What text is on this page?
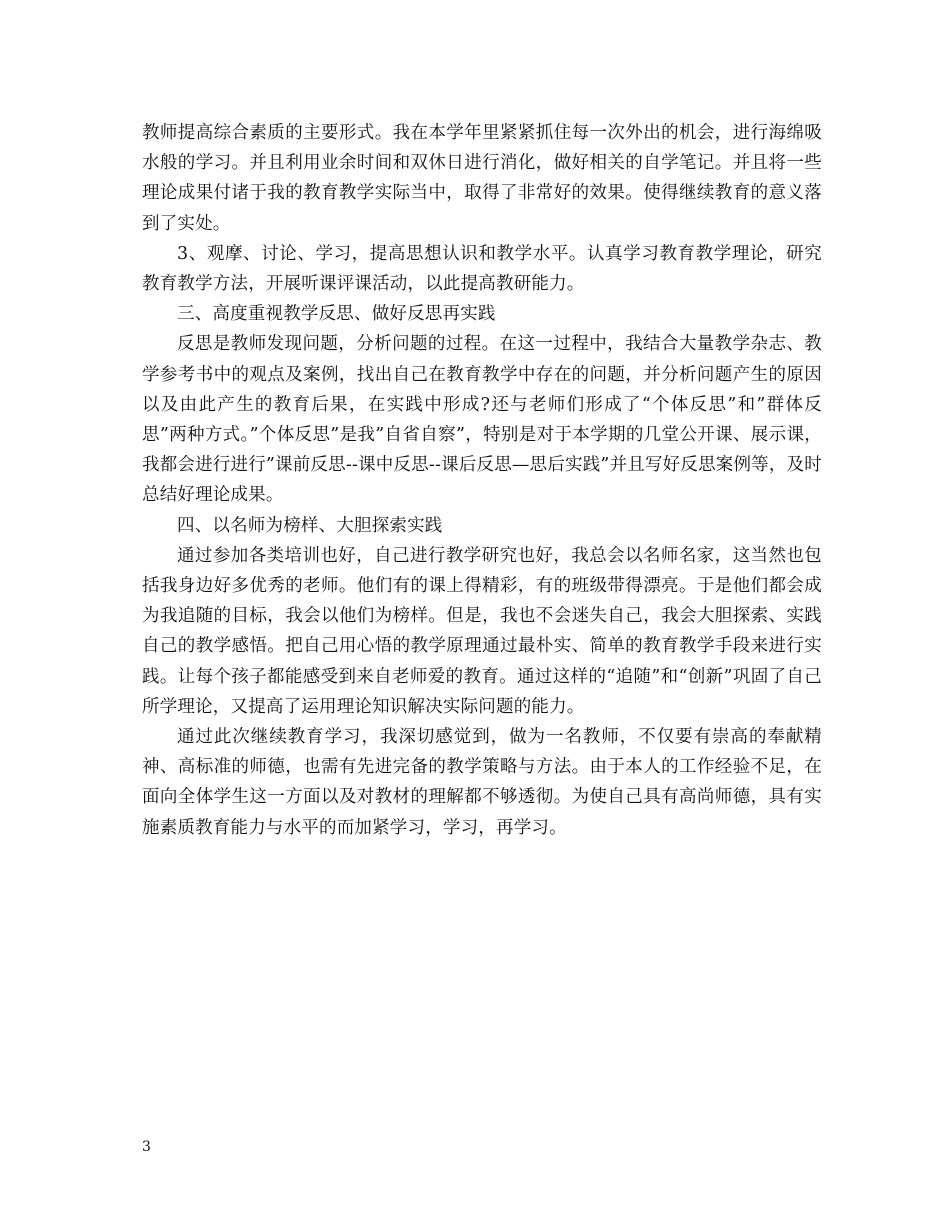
教师提高综合素质的主要形式。我在本学年里紧紧抓住每一次外出的机会，进行海绵吸水般的学习。并且利用业余时间和双休日进行消化，做好相关的自学笔记。并且将一些理论成果付诸于我的教育教学实际当中，取得了非常好的效果。使得继续教育的意义落到了实处。

3、观摩、讨论、学习，提高思想认识和教学水平。认真学习教育教学理论，研究教育教学方法，开展听课评课活动，以此提高教研能力。

三、高度重视教学反思、做好反思再实践

反思是教师发现问题，分析问题的过程。在这一过程中，我结合大量教学杂志、教学参考书中的观点及案例，找出自己在教育教学中存在的问题，并分析问题产生的原因以及由此产生的教育后果，在实践中形成?还与老师们形成了“个体反思”和”群体反思”两种方式。”个体反思”是我”自省自察”，特别是对于本学期的几堂公开课、展示课，我都会进行进行”课前反思--课中反思--课后反思—思后实践”并且写好反思案例等，及时总结好理论成果。

四、以名师为榜样、大胆探索实践

通过参加各类培训也好，自己进行教学研究也好，我总会以名师名家，这当然也包括我身边好多优秀的老师。他们有的课上得精彩，有的班级带得漂亮。于是他们都会成为我追随的目标，我会以他们为榜样。但是，我也不会迷失自己，我会大胆探索、实践自己的教学感悟。把自己用心悟的教学原理通过最朴实、简单的教育教学手段来进行实践。让每个孩子都能感受到来自老师爱的教育。通过这样的“追随”和“创新”巩固了自己所学理论，又提高了运用理论知识解决实际问题的能力。

通过此次继续教育学习，我深切感觉到，做为一名教师，不仅要有崇高的奉献精神、高标准的师德，也需有先进完备的教学策略与方法。由于本人的工作经验不足，在面向全体学生这一方面以及对教材的理解都不够透彻。为使自己具有高尚师德，具有实施素质教育能力与水平的而加紧学习，学习，再学习。

3
